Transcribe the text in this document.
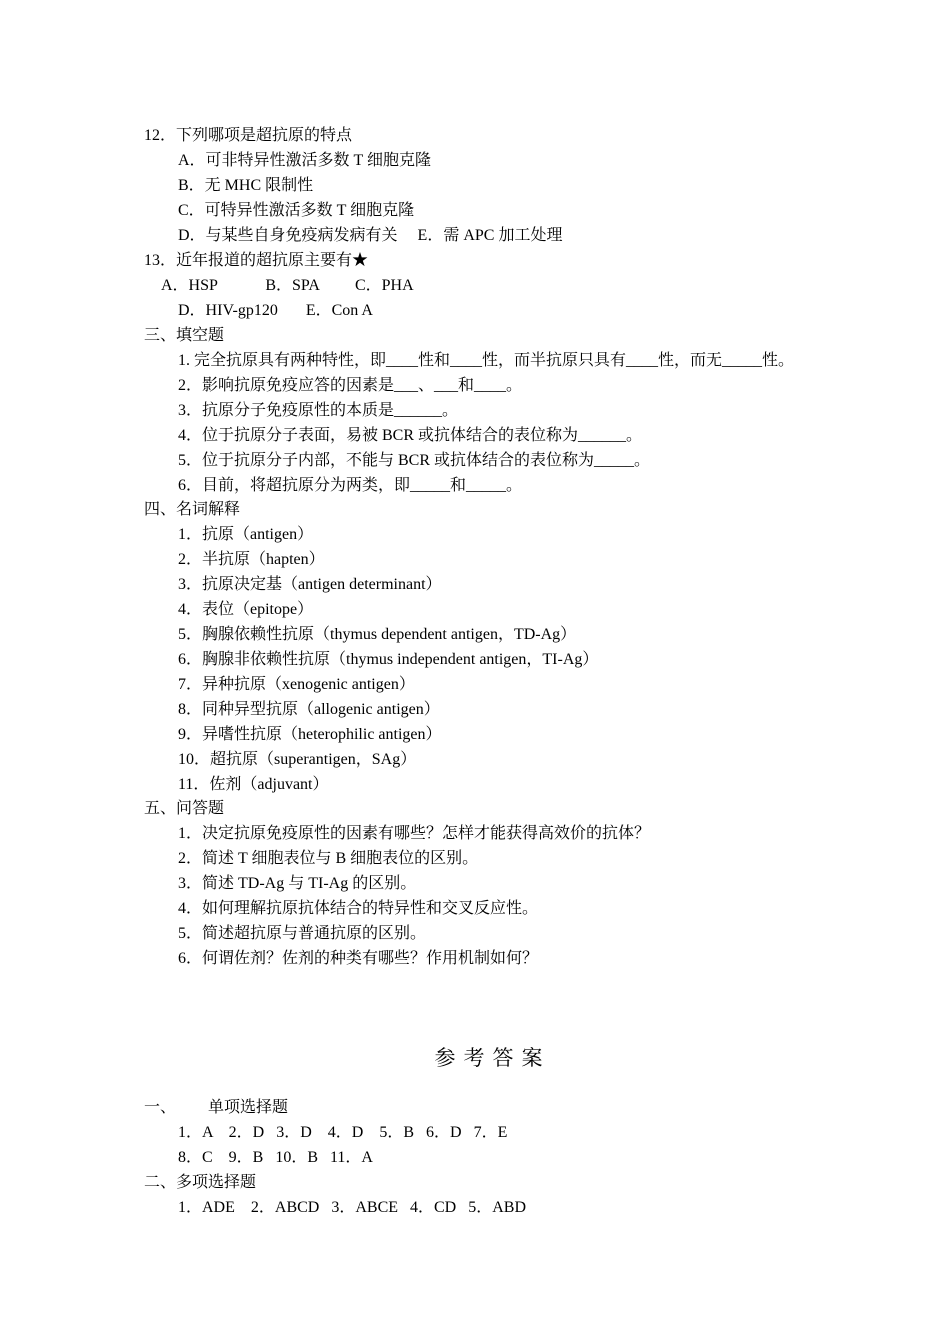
12．下列哪项是超抗原的特点
A．可非特异性激活多数 T 细胞克隆
B．无 MHC 限制性
C．可特异性激活多数 T 细胞克隆
D．与某些自身免疫病发病有关     E．需 APC 加工处理
13．近年报道的超抗原主要有★
A．HSP            B．SPA         C．PHA
D．HIV-gp120       E．Con A
三、填空题
1. 完全抗原具有两种特性，即____性和____性，而半抗原只具有____性，而无_____性。
2．影响抗原免疫应答的因素是___、___和____。
3．抗原分子免疫原性的本质是______。
4．位于抗原分子表面，易被 BCR 或抗体结合的表位称为______。
5．位于抗原分子内部，不能与 BCR 或抗体结合的表位称为_____。
6．目前，将超抗原分为两类，即_____和_____。
四、名词解释
1．抗原（antigen）
2．半抗原（hapten）
3．抗原决定基（antigen determinant）
4．表位（epitope）
5．胸腺依赖性抗原（thymus dependent antigen，TD-Ag）
6．胸腺非依赖性抗原（thymus independent antigen，TI-Ag）
7．异种抗原（xenogenic antigen）
8．同种异型抗原（allogenic antigen）
9．异嗜性抗原（heterophilic antigen）
10．超抗原（superantigen，SAg）
11．佐剂（adjuvant）
五、问答题
1．决定抗原免疫原性的因素有哪些？怎样才能获得高效价的抗体？
2．简述 T 细胞表位与 B 细胞表位的区别。
3．简述 TD-Ag 与 TI-Ag 的区别。
4．如何理解抗原抗体结合的特异性和交叉反应性。
5．简述超抗原与普通抗原的区别。
6．何谓佐剂？佐剂的种类有哪些？作用机制如何？
参考答案
一、        单项选择题
1．A    2．D   3．D    4．D    5．B   6．D   7．E
8．C    9．B   10．B   11．A
二、多项选择题
1．ADE    2．ABCD   3．ABCE   4．CD   5．ABD
